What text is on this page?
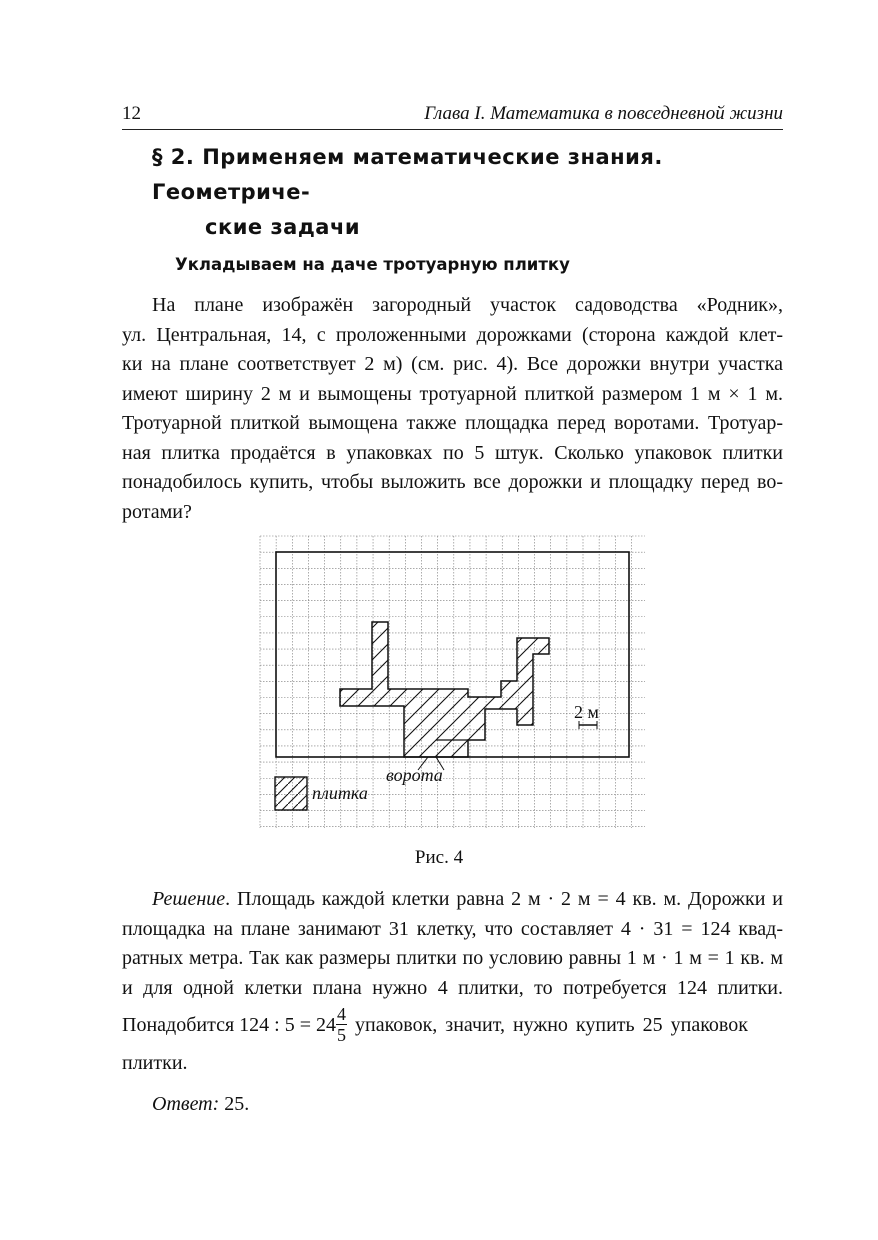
12	Глава I. Математика в повседневной жизни
§ 2. Применяем математические знания. Геометриче-
ские задачи
Укладываем на даче тротуарную плитку
На плане изображён загородный участок садоводства «Родник»,
ул. Центральная, 14, с проложенными дорожками (сторона каждой клет-
ки на плане соответствует 2 м) (см. рис. 4). Все дорожки внутри участка
имеют ширину 2 м и вымощены тротуарной плиткой размером 1 м × 1 м.
Тротуарной плиткой вымощена также площадка перед воротами. Тротуар-
ная плитка продаётся в упаковках по 5 штук. Сколько упаковок плитки
понадобилось купить, чтобы выложить все дорожки и площадку перед во-
ротами?
ворота
2 м
плитка
Рис. 4
Решение. Площадь каждой клетки равна 2 м · 2 м = 4 кв. м. Дорожки и
площадка на плане занимают 31 клетку, что составляет 4 · 31 = 124 квад-
ратных метра. Так как размеры плитки по условию равны 1 м · 1 м = 1 кв. м
и для одной клетки плана нужно 4 плитки, то потребуется 124 плитки.
Понадобится 124 : $5 = 24 \frac{4}{5}$ упаковок, значит, нужно купить 25 упаковок
плитки.
Ответ: 25.
